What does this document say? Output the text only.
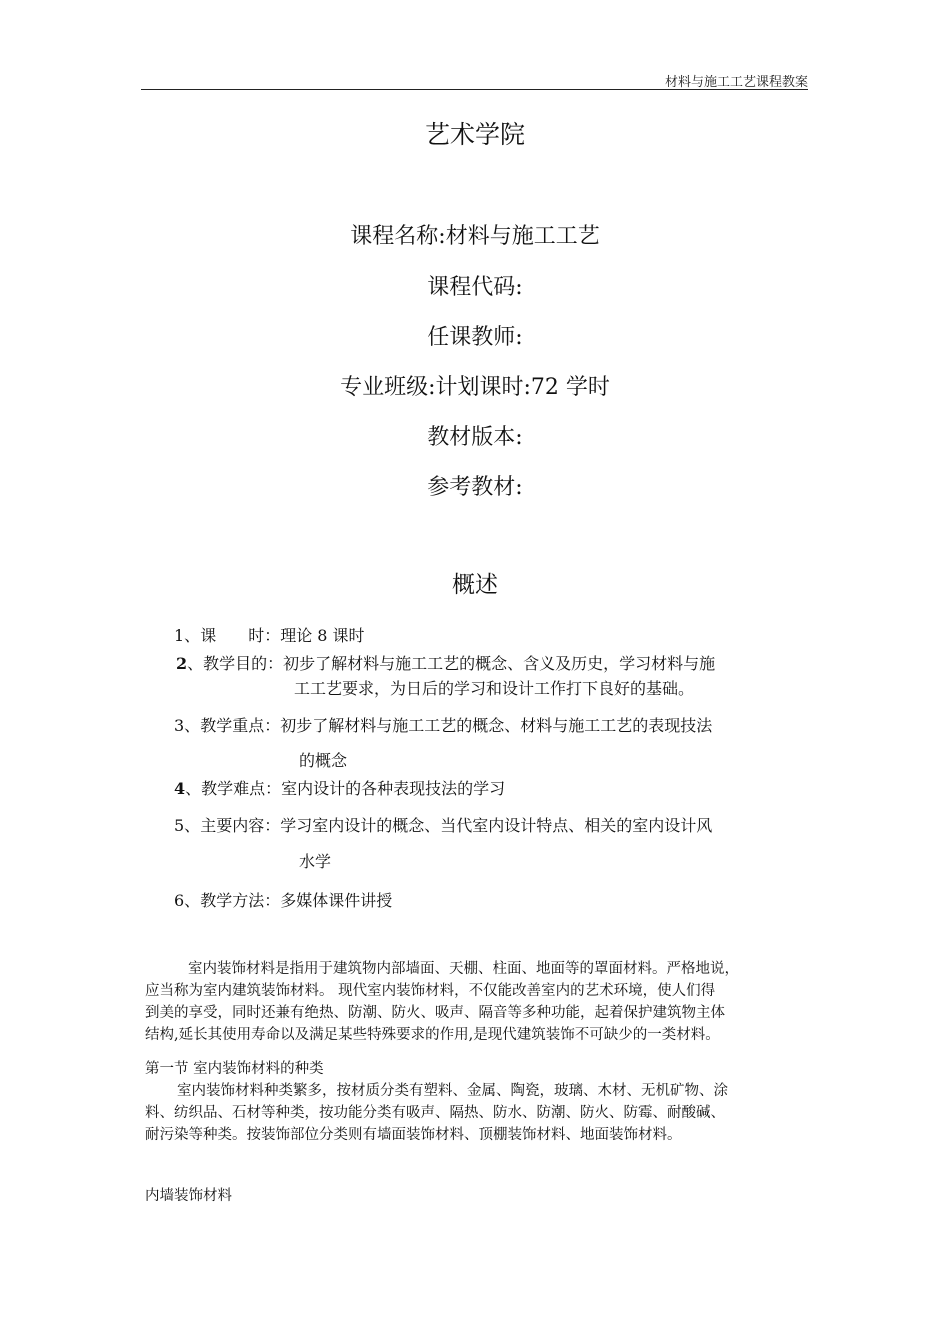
材料与施工工艺课程教案
艺术学院
课程名称:材料与施工工艺
课程代码:
任课教师:
专业班级:计划课时:72 学时
教材版本:
参考教材:
概述
1、课　　时：理论 8 课时
2、教学目的：初步了解材料与施工工艺的概念、含义及历史，学习材料与施
工工艺要求，为日后的学习和设计工作打下良好的基础。
3、教学重点：初步了解材料与施工工艺的概念、材料与施工工艺的表现技法
的概念
4、教学难点：室内设计的各种表现技法的学习
5、主要内容：学习室内设计的概念、当代室内设计特点、相关的室内设计风
水学
6、教学方法：多媒体课件讲授
室内装饰材料是指用于建筑物内部墙面、天棚、柱面、地面等的罩面材料。严格地说，
应当称为室内建筑装饰材料。 现代室内装饰材料，不仅能改善室内的艺术环境，使人们得
到美的享受，同时还兼有绝热、防潮、防火、吸声、隔音等多种功能，起着保护建筑物主体
结构,延长其使用寿命以及满足某些特殊要求的作用,是现代建筑装饰不可缺少的一类材料。
第一节 室内装饰材料的种类
室内装饰材料种类繁多，按材质分类有塑料、金属、陶瓷，玻璃、木材、无机矿物、涂
料、纺织品、石材等种类，按功能分类有吸声、隔热、防水、防潮、防火、防霉、耐酸碱、
耐污染等种类。按装饰部位分类则有墙面装饰材料、顶棚装饰材料、地面装饰材料。
内墙装饰材料
